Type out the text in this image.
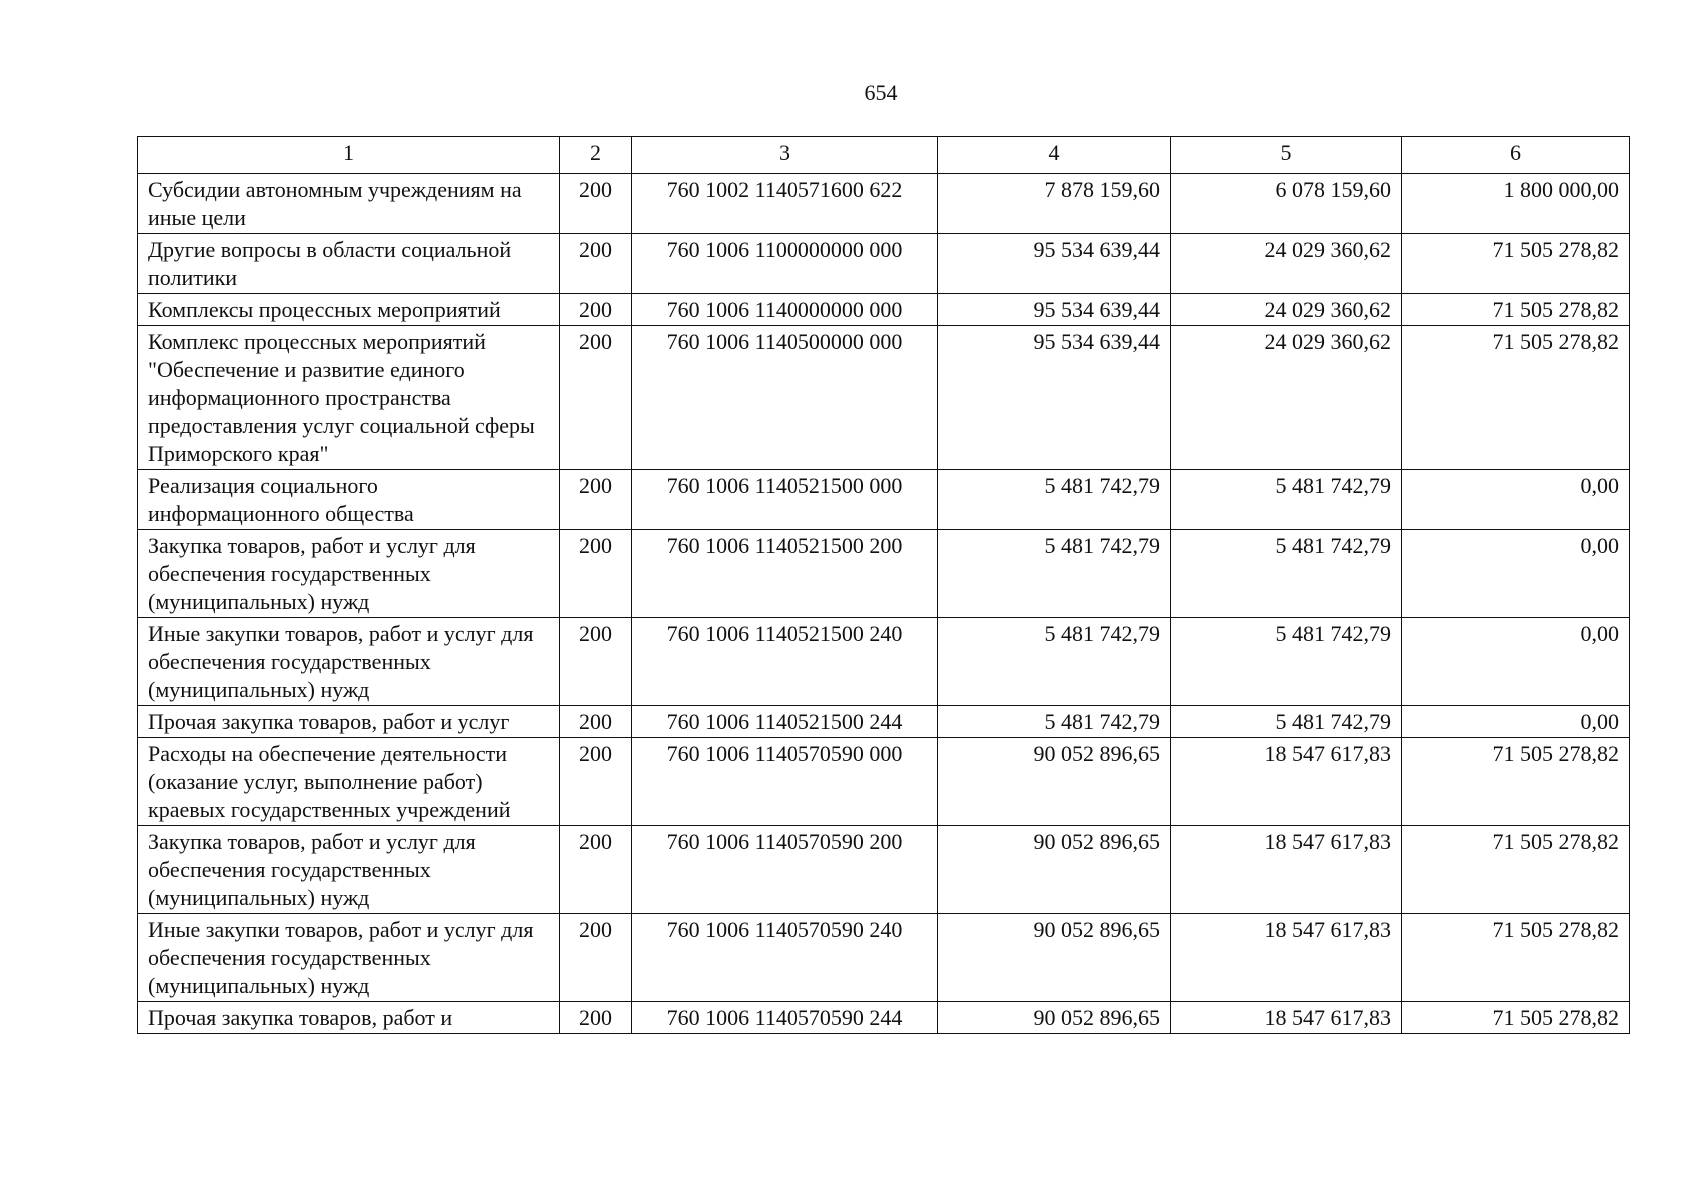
654
1	2	3	4	5	6
Субсидии автономным учреждениям на иные цели	200	760 1002 1140571600 622	7 878 159,60	6 078 159,60	1 800 000,00
Другие вопросы в области социальной политики	200	760 1006 1100000000 000	95 534 639,44	24 029 360,62	71 505 278,82
Комплексы процессных мероприятий	200	760 1006 1140000000 000	95 534 639,44	24 029 360,62	71 505 278,82
Комплекс процессных мероприятий "Обеспечение и развитие единого информационного пространства предоставления услуг социальной сферы Приморского края"	200	760 1006 1140500000 000	95 534 639,44	24 029 360,62	71 505 278,82
Реализация социального информационного общества	200	760 1006 1140521500 000	5 481 742,79	5 481 742,79	0,00
Закупка товаров, работ и услуг для обеспечения государственных (муниципальных) нужд	200	760 1006 1140521500 200	5 481 742,79	5 481 742,79	0,00
Иные закупки товаров, работ и услуг для обеспечения государственных (муниципальных) нужд	200	760 1006 1140521500 240	5 481 742,79	5 481 742,79	0,00
Прочая закупка товаров, работ и услуг	200	760 1006 1140521500 244	5 481 742,79	5 481 742,79	0,00
Расходы на обеспечение деятельности (оказание услуг, выполнение работ) краевых государственных учреждений	200	760 1006 1140570590 000	90 052 896,65	18 547 617,83	71 505 278,82
Закупка товаров, работ и услуг для обеспечения государственных (муниципальных) нужд	200	760 1006 1140570590 200	90 052 896,65	18 547 617,83	71 505 278,82
Иные закупки товаров, работ и услуг для обеспечения государственных (муниципальных) нужд	200	760 1006 1140570590 240	90 052 896,65	18 547 617,83	71 505 278,82
Прочая закупка товаров, работ и	200	760 1006 1140570590 244	90 052 896,65	18 547 617,83	71 505 278,82
